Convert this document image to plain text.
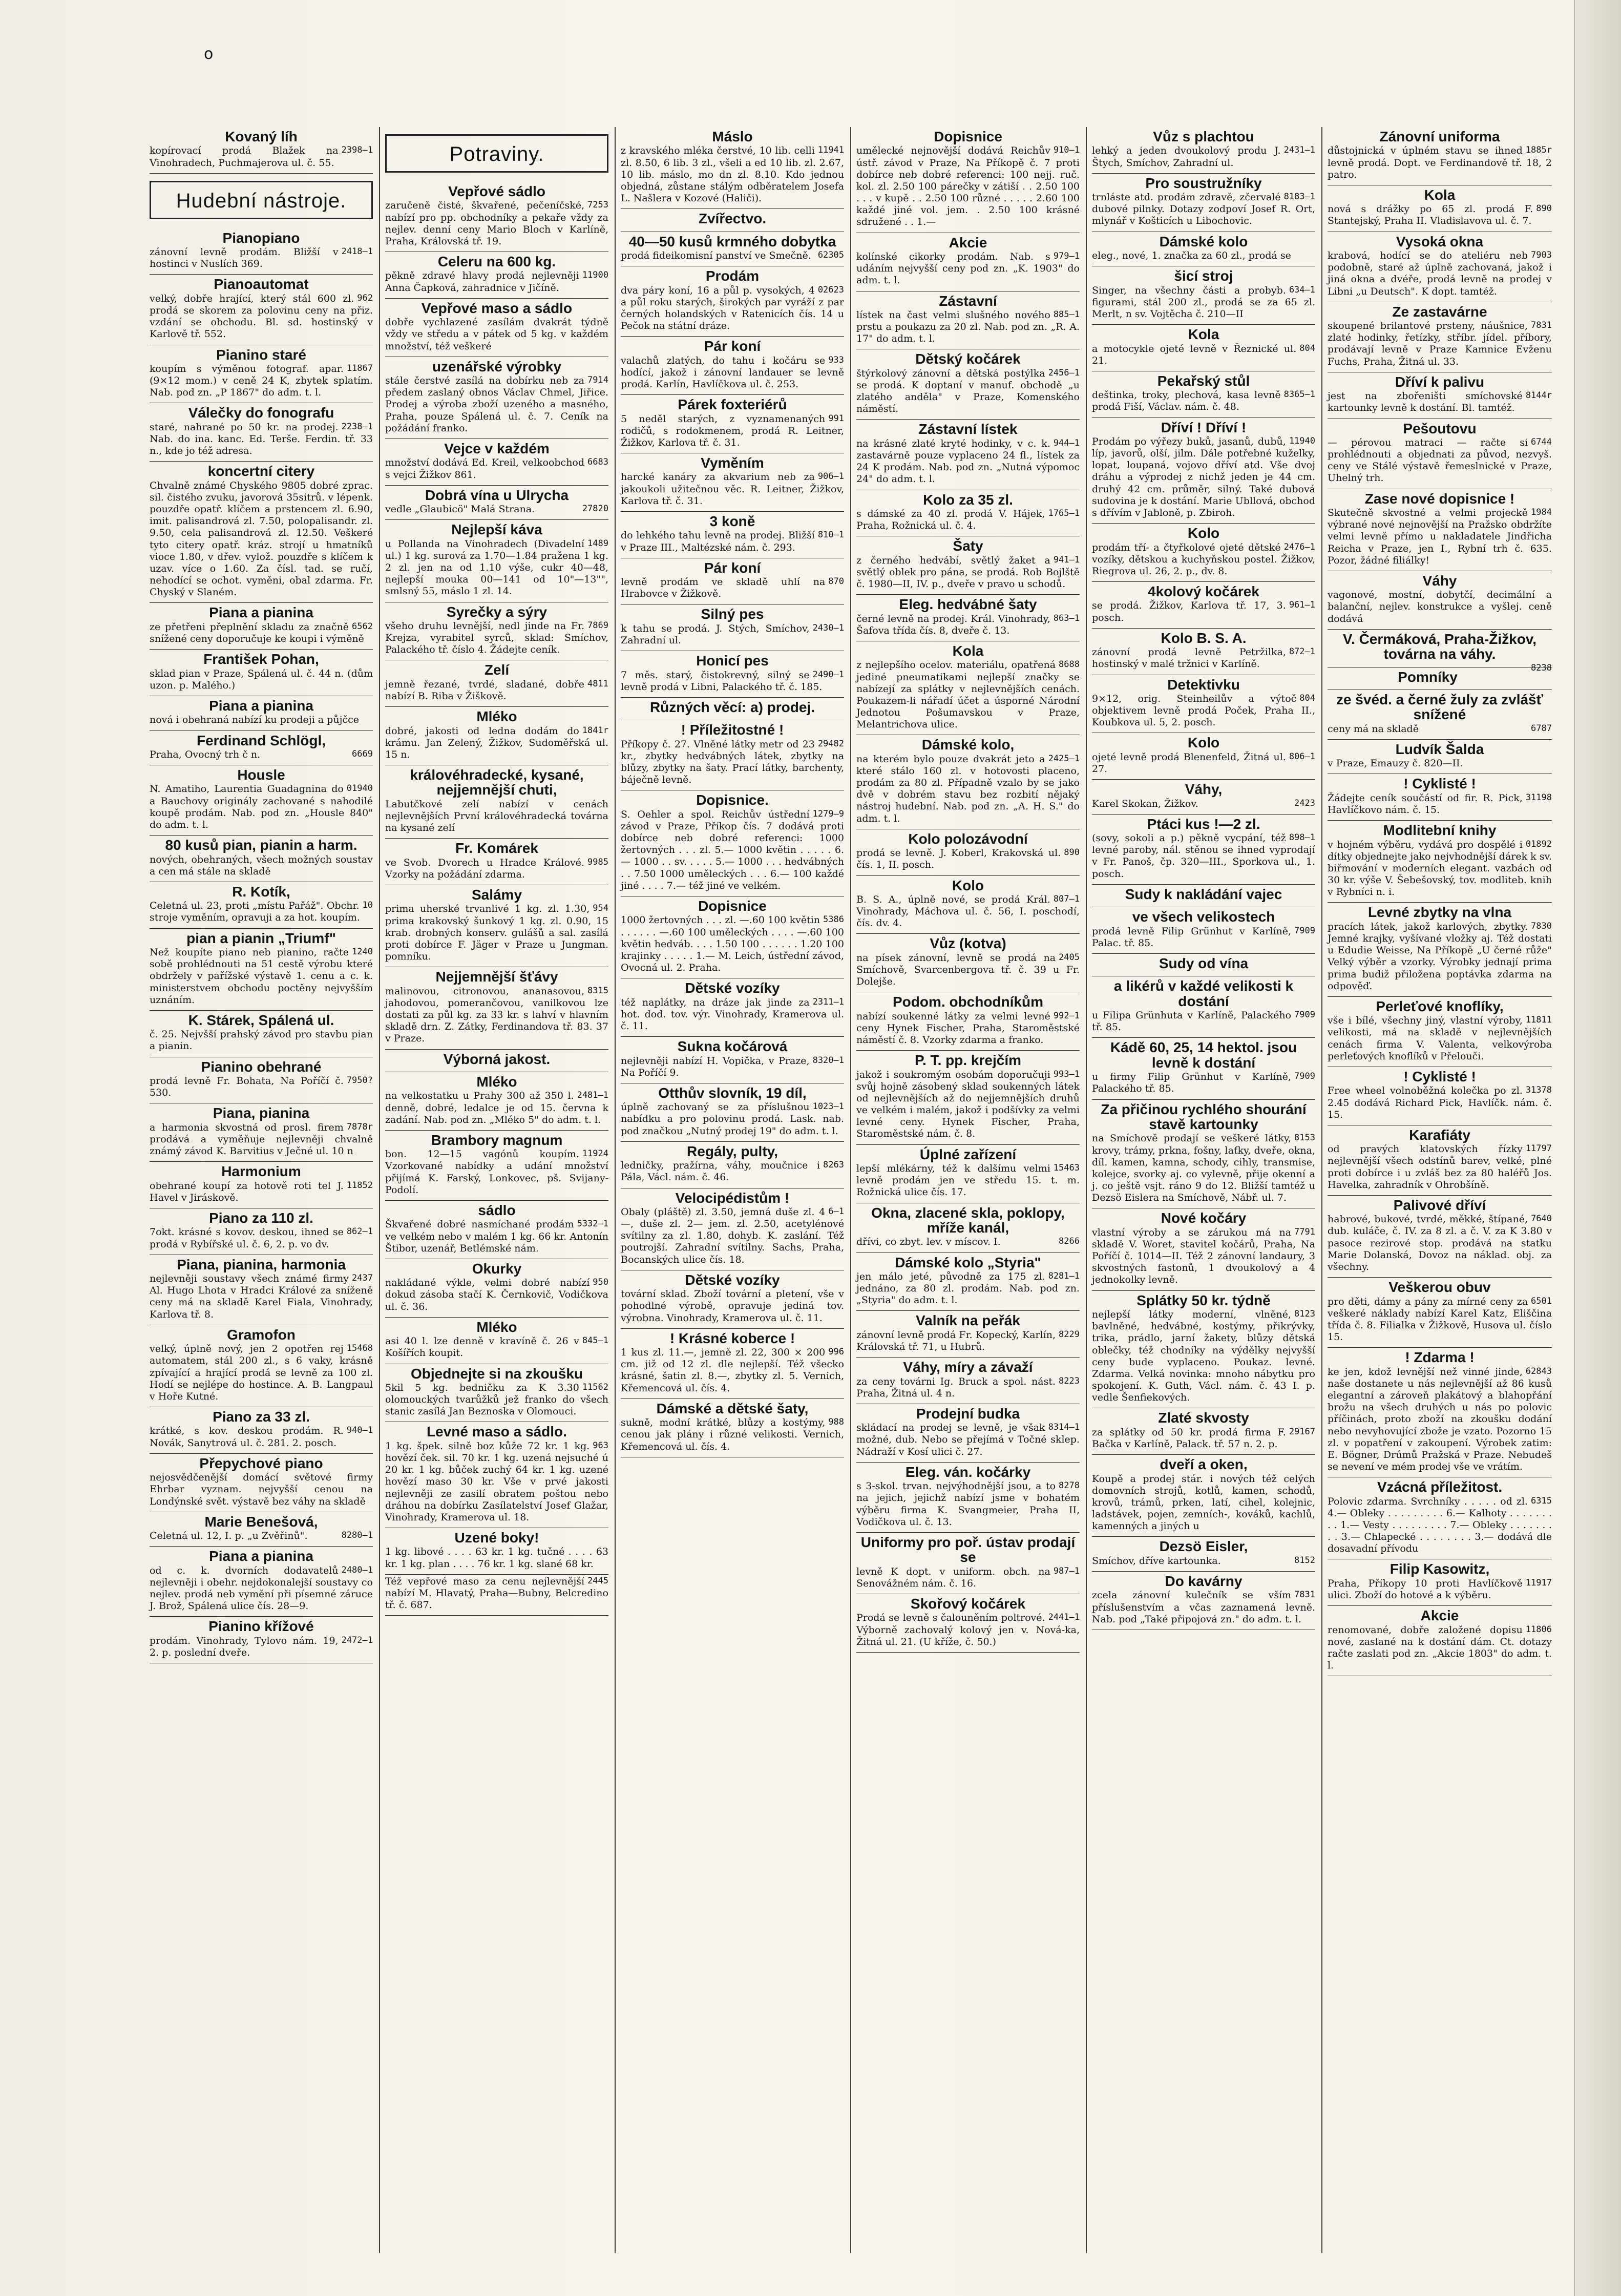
o
Kovaný líh
2398—1
kopírovací prodá Blažek na Vinohradech, Puchmajerova ul. č. 55.
Hudební nástroje.
Pianopiano
2418—1
zánovní levně prodám. Bližší v hostinci v Nuslích 369.
Pianoautomat
962
velký, dobře hrající, který stál 600 zl. prodá se skorem za polovinu ceny na přiz. vzdání se obchodu. Bl. sd. hostinský v Karlově tř. 552.
Pianino staré
11867
koupím s výměnou fotograf. apar. (9×12 mom.) v ceně 24 K, zbytek splatím. Nab. pod zn. „P 1867" do adm. t. l.
Válečky do fonografu
2238—1
staré, nahrané po 50 kr. na prodej. Nab. do ina. kanc. Ed. Terše. Ferdin. tř. 33 n., kde jo též adresa.
koncertní citery
Chvalně známé Chyského 9805 dobré zprac. sil. čistého zvuku, javorová 35sitrů. v lépenk. pouzdře opatř. klíčem a prstencem zl. 6.90, imit. palisandrová zl. 7.50, polopalisandr. zl. 9.50, cela palisandrová zl. 12.50. Veškeré tyto citery opatř. kráz. strojí u hmatníků vioce 1.80, v dřev. vylož. pouzdře s klíčem k uzav. více o 1.60. Za čísl. tad. se ručí, nehodící se ochot. vyměni, obal zdarma. Fr. Chyský v Slaném.
Piana a pianina
6562
ze přetřeni přeplnění skladu za značně snížené ceny doporučuje ke koupi i výměně
František Pohan,
sklad pian v Praze, Spálená ul. č. 44 n. (dům uzon. p. Malého.)
Piana a pianina
nová i obehraná nabízí ku prodeji a půjčce
Ferdinand Schlögl,
6669
Praha, Ovocný trh č n.
Housle
01940
N. Amatiho, Laurentia Guadagnina do a Bauchovy originály zachované s nahodilé koupě prodám. Nab. pod zn. „Housle 840" do adm. t. l.
80 kusů pian, pianin a harm.
nových, obehraných, všech možných soustav a cen má stále na skladě
R. Kotík,
10
Celetná ul. 23, proti „místu Pařáž". Obchr. stroje vyměním, opravuji a za hot. koupím.
pian a pianin „Triumf"
1240
Než koupíte piano neb pianino, račte sobě prohlédnouti na 51 cestě výrobu které obdržely v pařížské výstavě 1. cenu a c. k. ministerstvem obchodu poctěny nejvyšším uznáním.
K. Stárek, Spálená ul.
č. 25. Nejvšší prahský závod pro stavbu pian a pianin.
Pianino obehrané
7950?
prodá levně Fr. Bohata, Na Poříčí č. 530.
Piana, pianina
7878r
a harmonia skvostná od prosl. firem prodává a vyměňuje nejlevněji chvalně známý závod K. Barvitius v Ječné ul. 10 n
Harmonium
11852
obehrané koupí za hotově roti tel J. Havel v Jiráskově.
Piano za 110 zl.
862—1
7okt. krásné s kovov. deskou, ihned se prodá v Rybířské ul. č. 6, 2. p. vo dv.
Piana, pianina, harmonia
2437
nejlevněji soustavy všech známé firmy Al. Hugo Lhota v Hradci Králové za sníženě ceny má na skladě Karel Fiala, Vinohrady, Karlova tř. 8.
Gramofon
15468
velký, úplně nový, jen 2 opotřen rej automatem, stál 200 zl., s 6 vaky, krásně zpívající a hrající prodá se levně za 100 zl. Hodí se nejlépe do hostince. A. B. Langpaul v Hoře Kutné.
Piano za 33 zl.
940—1
krátké, s kov. deskou prodám. R. Novák, Sanytrová ul. č. 281. 2. posch.
Přepychové piano
nejosvědčenější domácí světové firmy Ehrbar vyznam. nejvyšší cenou na Londýnské svět. výstavě bez váhy na skladě
Marie Benešová,
8280—1
Celetná ul. 12, I. p. „u Zvěřinů".
Piana a pianina
2480—1
od c. k. dvorních dodavatelů nejlevněji i obehr. nejdokonalejší soustavy co nejlev. prodá neb vymění při písemné záruce J. Brož, Spálená ulice čís. 28—9.
Pianino křížové
2472—1
prodám. Vinohrady, Tylovo nám. 19, 2. p. poslední dveře.
Potraviny.
Vepřové sádlo
7253
zaručeně čisté, škvařené, pečeníčské, nabízí pro pp. obchodníky a pekaře vždy za nejlev. denní ceny Mario Bloch v Karlíně, Praha, Královská tř. 19.
Celeru na 600 kg.
11900
pěkně zdravé hlavy prodá nejlevněji Anna Čapková, zahradnice v Jičíně.
Vepřové maso a sádlo
dobře vychlazené zasílám dvakrát týdně vždy ve středu a v pátek od 5 kg. v každém množství, též veškeré
uzenářské výrobky
7914
stále čerstvé zasílá na dobírku neb za předem zaslaný obnos Václav Chmel, Jiřice. Prodej a výroba zboží uzeného a masného, Praha, pouze Spálená ul. č. 7. Ceník na požádání franko.
Vejce v každém
6683
množství dodává Ed. Kreil, velkoobchod s vejci Žižkov 861.
Dobrá vína u Ulrycha
27820
vedle „Glaubicö" Malá Strana.
Nejlepší káva
1489
u Pollanda na Vinohradech (Divadelní ul.) 1 kg. surová za 1.70—1.84 pražena 1 kg. 2 zl. jen na od 1.10 výše, cukr 40—48, nejlepší mouka 00—141 od 10"—13"", smlsný 55, máslo 1 zl. 14.
Syrečky a sýry
7869
všeho druhu levnější, nedl jinde na Fr. Krejza, vyrabitel syrců, sklad: Smíchov, Palackého tř. číslo 4. Žádejte ceník.
Zelí
4811
jemně řezané, tvrdé, sladané, dobře nabízí B. Riba v Žiškově.
Mléko
1841r
dobré, jakosti od ledna dodám do krámu. Jan Zelený, Žižkov, Sudoměřská ul. 15 n.
královéhradecké, kysané, nejjemnější chuti,
Labutčkové zelí nabízí v cenách nejlevnějších První královéhradecká továrna na kysané zelí
Fr. Komárek
9985
ve Svob. Dvorech u Hradce Králové. Vzorky na požádání zdarma.
Salámy
954
prima uherské trvanlivé 1 kg. zl. 1.30, prima krakovský šunkový 1 kg. zl. 0.90, 15 krab. drobných konserv. gulášů a sal. zasílá proti dobírce F. Jäger v Praze u Jungman. pomníku.
Nejjemnější šťávy
8315
malinovou, citronovou, ananasovou, jahodovou, pomerančovou, vanilkovou lze dostati za půl kg. za 33 kr. s lahví v hlavním skladě drn. Z. Zátky, Ferdinandova tř. 83. 37 v Praze.
Výborná jakost.
Mléko
2481—1
na velkostatku u Prahy 300 až 350 l. denně, dobré, ledalce je od 15. června k zadání. Nab. pod zn. „Mléko 5" do adm. t. l.
Brambory magnum
11924
bon. 12—15 vagónů koupím. Vzorkované nabídky a udání množství přijímá K. Farský, Lonkovec, pš. Svijany-Podolí.
sádlo
5332—1
Škvařené dobré nasmíchané prodám ve velkém nebo v malém 1 kg. 66 kr. Antonín Štibor, uzenář, Betlémské nám.
Okurky
950
nakládané výkle, velmi dobré nabízí dokud zásoba stačí K. Černkovič, Vodičkova ul. č. 36.
Mléko
845—1
asi 40 l. lze denně v kravíně č. 26 v Košířích koupit.
Objednejte si na zkoušku
11562
5kil 5 kg. bedničku za K 3.30 olomouckých tvarůžků jež franko do všech stanic zasílá Jan Beznoska v Olomouci.
Levné maso a sádlo.
963
1 kg. špek. silně boz kůže 72 kr. 1 kg. hovězí ček. sil. 70 kr. 1 kg. uzená nejsuché ú 20 kr. 1 kg. bůček zuchý 64 kr. 1 kg. uzené hovězí maso 30 kr. Vše v prvé jakosti nejlevněji ze zasilí obratem poštou nebo dráhou na dobírku Zasílatelství Josef Glažar, Vinohrady, Kramerova ul. 18.
Uzené boky!
1 kg. libové . . . . 63 kr. 1 kg. tučné . . . . 63 kr. 1 kg. plan . . . . 76 kr. 1 kg. slané 68 kr.
2445
Též vepřové maso za cenu nejlevnější nabízí M. Hlavatý, Praha—Bubny, Belcredino tř. č. 687.
Máslo
11941
z kravského mléka čerstvé, 10 lib. celli zl. 8.50, 6 lib. 3 zl., všeli a ed 10 lib. zl. 2.67, 10 lib. máslo, mo dn zl. 8.10. Kdo jednou objedná, zůstane stálým odběratelem Josefa L. Našlera v Kozové (Haliči).
Zvířectvo.
40—50 kusů krmného dobytka
62305
prodá fideikomisní panství ve Smečně.
Prodám
02623
dva páry koní, 16 a půl p. vysokých, 4 a půl roku starých, širokých par vyráží z par černých holandských v Ratenicích čís. 14 u Pečok na státní dráze.
Pár koní
933
valachů zlatých, do tahu i kočáru se hodící, jakož i zánovní landauer se levně prodá. Karlín, Havlíčkova ul. č. 253.
Párek foxteriérů
991
5 neděl starých, z vyznamenaných rodičů, s rodokmenem, prodá R. Leitner, Žižkov, Karlova tř. č. 31.
Vyměním
906—1
harcké kanáry za akvarium neb za jakoukoli užitečnou věc. R. Leitner, Žižkov, Karlova tř. č. 31.
3 koně
810—1
do lehkého tahu levně na prodej. Bližší v Praze III., Maltézské nám. č. 293.
Pár koní
870
levně prodám ve skladě uhlí na Hrabovce v Žižkově.
Silný pes
2430—1
k tahu se prodá. J. Stých, Smíchov, Zahradní ul.
Honicí pes
2490—1
7 měs. starý, čistokrevný, silný se levně prodá v Libni, Palackého tř. č. 185.
Různých věcí: a) prodej.
! Příležitostné !
29482
Příkopy č. 27. Vlněné látky metr od 23 kr., zbytky hedvábných látek, zbytky na blůzy, zbytky na šaty. Prací látky, barchenty, báječně levně.
Dopisnice.
1279—9
S. Oehler a spol. Reichův ústřední závod v Praze, Příkop čís. 7 dodává proti dobírce neb dobré referenci: 1000 žertovných . . . zl. 5.— 1000 květin . . . . . 6.— 1000 . . sv. . . . . 5.— 1000 . . . hedvábných . . 7.50 1000 uměleckých . . . 6.— 100 každé jiné . . . . 7.— též jiné ve velkém.
Dopisnice
5386
1000 žertovných . . . zl. —.60 100 květin . . . . . . —.60 100 uměleckých . . . . —.60 100 květin hedváb. . . . 1.50 100 . . . . . . 1.20 100 krajinky . . . . . 1.— M. Leich, ústřední závod, Ovocná ul. 2. Praha.
Dětské vozíky
2311—1
též naplátky, na dráze jak jinde za hot. dod. tov. výr. Vinohrady, Kramerova ul. č. 11.
Sukna kočárová
8320—1
nejlevněji nabízí H. Vopička, v Praze, Na Poříčí 9.
Otthův slovník, 19 díl,
1023—1
úplně zachovaný se za příslušnou nabídku a pro polovinu prodá. Lask. nab. pod značkou „Nutný prodej 19" do adm. t. l.
Regály, pulty,
8263
ledničky, pražírna, váhy, moučnice i Pála, Václ. nám. č. 46.
Velocipédistům !
6—1
Obaly (pláště) zl. 3.50, jemná duše zl. 4—, duše zl. 2— jem. zl. 2.50, acetylénové svítilny za zl. 1.80, dohyb. K. zaslání. Též poutrojší. Zahradní svítilny. Sachs, Praha, Bocanských ulice čís. 18.
Dětské vozíky
tovární sklad. Zboží tovární a pletení, vše v pohodlné výrobě, opravuje jediná tov. výrobna. Vinohrady, Kramerova ul. č. 11.
! Krásné koberce !
996
1 kus zl. 11.—, jemně zl. 22, 300 × 200 cm. již od 12 zl. dle nejlepší. Též všecko krásné, šatin zl. 8.—, zbytky zl. 5. Vernich, Křemencová ul. čís. 4.
Dámské a dětské šaty,
988
sukně, modní krátké, blůzy a kostýmy, cenou jak plány i různé velikosti. Vernich, Křemencová ul. čís. 4.
Dopisnice
910—1
umělecké nejnovější dodává Reichův ústř. závod v Praze, Na Příkopě č. 7 proti dobírce neb dobré referenci: 100 nejj. ruč. kol. zl. 2.50 100 párečky v zátiší . . 2.50 100 . . . v kupě . . 2.50 100 různé . . . . . 2.60 100 každé jiné vol. jem. . 2.50 100 krásné sdružené . . 1.—
Akcie
979—1
kolínské cikorky prodám. Nab. s udáním nejvyšší ceny pod zn. „K. 1903" do adm. t. l.
Zástavní
885—1
lístek na čast velmi slušného nového prstu a poukazu za 20 zl. Nab. pod zn. „R. A. 17" do adm. t. l.
Dětský kočárek
2456—1
štýrkolový zánovní a dětská postýlka se prodá. K doptaní v manuf. obchodě „u zlatého anděla" v Praze, Komenského náměstí.
Zástavní lístek
944—1
na krásné zlaté kryté hodinky, v c. k. zastavárně pouze vyplaceno 24 fl., lístek za 24 K prodám. Nab. pod zn. „Nutná výpomoc 24" do adm. t. l.
Kolo za 35 zl.
1765—1
s dámské za 40 zl. prodá V. Hájek, Praha, Rožnická ul. č. 4.
Šaty
941—1
z černého hedvábí, světlý žaket a světlý oblek pro pána, se prodá. Rob Bojlště č. 1980—II, IV. p., dveře v pravo u schodů.
Eleg. hedvábné šaty
863—1
černé levně na prodej. Král. Vinohrady, Šafova třída čís. 8, dveře č. 13.
Kola
8688
z nejlepšího ocelov. materiálu, opatřená jediné pneumatikami nejlepší značky se nabízejí za splátky v nejlevnějších cenách. Poukazem-li nářadí účet a úsporné Národní Jednotou Pošumavskou v Praze, Melantrichova ulice.
Dámské kolo,
2425—1
na kterém bylo pouze dvakrát jeto a které stálo 160 zl. v hotovosti placeno, prodám za 80 zl. Případně vzalo by se jako dvě v dobrém stavu bez rozbití nějaký nástroj hudební. Nab. pod zn. „A. H. S." do adm. t. l.
Kolo polozávodní
890
prodá se levně. J. Koberl, Krakovská ul. čís. 1, II. posch.
Kolo
807—1
B. S. A., úplně nové, se prodá Král. Vinohrady, Máchova ul. č. 56, I. poschodí, čís. dv. 4.
Vůz (kotva)
2405
na písek zánovní, levně se prodá na Smíchově, Svarcenbergova tř. č. 39 u Fr. Dolejše.
Podom. obchodníkům
992—1
nabízí soukenné látky za velmi levné ceny Hynek Fischer, Praha, Staroměstské náměstí č. 8. Vzorky zdarma a franko.
P. T. pp. krejčím
993—1
jakož i soukromým osobám doporučuji svůj hojně zásobený sklad soukenných látek od nejlevnějších až do nejjemnějších druhů ve velkém i malém, jakož i podšívky za velmi levné ceny. Hynek Fischer, Praha, Staroměstské nám. č. 8.
Úplné zařízení
15463
lepší mlékárny, též k dalšímu velmi levně prodám jen ve středu 15. t. m. Rožnická ulice čís. 17.
Okna, zlacené skla, poklopy, mříže kanál,
8266
dřívi, co zbyt. lev. v míscov. I.
Dámské kolo „Styria"
8281—1
jen málo jeté, původně za 175 zl. jednáno, za 80 zl. prodám. Nab. pod zn. „Styria" do adm. t. l.
Valník na peřák
8229
zánovní levně prodá Fr. Kopecký, Karlín, Královská tř. 71, u Hubrů.
Váhy, míry a závaží
8223
za ceny továrni Ig. Bruck a spol. nást. Praha, Žitná ul. 4 n.
Prodejní budka
8314—1
skládací na prodej se levně, je však možné, dub. Nebo se přejímá v Točné sklep. Nádraží v Kosí ulici č. 27.
Eleg. ván. kočárky
8278
s 3-skol. trvan. nejvýhodnější jsou, a to na jejich, jejichž nabízí jsme v bohatém výběru firma K. Svangmeier, Praha II, Vodičkova ul. č. 13.
Uniformy pro poř. ústav prodají se
987—1
levně K dopt. v uniform. obch. na Senovážném nám. č. 16.
Skořový kočárek
2441—1
Prodá se levně s čalouněním poltrové. Výborně zachovalý kolový jen v. Nová-ka, Žitná ul. 21. (U kříže, č. 50.)
Vůz s plachtou
2431—1
lehký a jeden dvoukolový produ J. Štych, Smíchov, Zahradní ul.
Pro soustružníky
8183—1
trnláste atd. prodám zdravě, zčervalé dubové pilnky. Dotazy zodpoví Josef R. Ort, mlynář v Košticích u Libochovic.
Dámské kolo
eleg., nové, 1. značka za 60 zl., prodá se
šicí stroj
634—1
Singer, na všechny části a probyb. figurami, stál 200 zl., prodá se za 65 zl. Merlt, n sv. Vojtěcha č. 210—II
Kola
804
a motocykle ojeté levně v Řeznické ul. 21.
Pekařský stůl
8365—1
deštinka, troky, plechová, kasa levně prodá Fiší, Václav. nám. č. 48.
Dříví ! Dříví !
11940
Prodám po výřezy buků, jasanů, dubů, líp, javorů, olší, jilm. Dále potřebné kuželky, lopat, loupaná, vojovo dříví atd. Vše dvoj dráhu a výprodej z nichž jeden je 44 cm. druhý 42 cm. průměr, silný. Také dubová sudovina je k dostání. Marie Ubllová, obchod s dřívím v Jabloně, p. Zbiroh.
Kolo
2476—1
prodám tří- a čtyřkolové ojeté dětské vozíky, dětskou a kuchyňskou postel. Žižkov, Riegrova ul. 26, 2. p., dv. 8.
4kolový kočárek
961—1
se prodá. Žižkov, Karlova tř. 17, 3. posch.
Kolo B. S. A.
872—1
zánovní prodá levně Petržilka, hostinský v malé tržnici v Karlíně.
Detektivku
804
9×12, orig. Steinheilův a výtoč objektivem levně prodá Poček, Praha II., Koubkova ul. 5, 2. posch.
Kolo
806—1
ojeté levně prodá Blenenfeld, Žitná ul. 27.
Váhy,
2423
Karel Skokan, Žižkov.
Ptáci kus !—2 zl.
898—1
(sovy, sokoli a p.) pěkně vycpání, též levné paroby, nál. stěnou se ihned vyprodají v Fr. Panoš, čp. 320—III., Sporkova ul., 1. posch.
Sudy k nakládání vajec
ve všech velikostech
7909
prodá levně Filip Grünhut v Karlíně, Palac. tř. 85.
Sudy od vína
a likérů v každé velikosti k dostání
7909
u Filipa Grünhuta v Karlíně, Palackého tř. 85.
Kádě 60, 25, 14 hektol. jsou levně k dostání
7909
u firmy Filip Grünhut v Karlíně, Palackého tř. 85.
Za přičinou rychlého shourání stavě kartounky
8153
na Smíchově prodají se veškeré látky, krovy, trámy, prkna, fošny, laťky, dveře, okna, díl. kamen, kamna, schody, cihly, transmise, kolejce, svorky aj. co vylevně, přije okenní a j. co ještě vsjt. ráno 9 do 12. Bližší tamtéž u Dezsö Eislera na Smíchově, Nábř. ul. 7.
Nové kočáry
7791
vlastní výroby a se zárukou má na skladě V. Woret, stavitel kočárů, Praha, Na Poříčí č. 1014—II. Též 2 zánovní landaury, 3 skvostných fastonů, 1 dvoukolový a 4 jednokolky levně.
Splátky 50 kr. týdně
8123
nejlepší látky moderní, vlněné, bavlněné, hedvábné, kostýmy, přikrývky, trika, prádlo, jarní žakety, blůzy dětská oblečky, též chodníky na výdělky nejvyšší ceny bude vyplaceno. Poukaz. levné. Zdarma. Velká novinka: mnoho nábytku pro spokojení. K. Guth, Václ. nám. č. 43 I. p. vedle Šenfiekových.
Zlaté skvosty
29167
za splátky od 50 kr. prodá firma F. Bačka v Karlíně, Palack. tř. 57 n. 2. p.
dveří a oken,
Koupě a prodej stár. i nových též celých domovních strojů, kotlů, kamen, schodů, krovů, trámů, prken, latí, cihel, kolejnic, ladstávek, pojen, zemních-, kováků, kachlů, kamenných a jiných u
Dezsö Eisler,
8152
Smíchov, dříve kartounka.
Do kavárny
7831
zcela zánovní kulečník se vším příslušenstvím a včas zaznamená levně. Nab. pod „Také připojová zn." do adm. t. l.
Zánovní uniforma
1885r
důstojnická v úplném stavu se ihned levně prodá. Dopt. ve Ferdinandově tř. 18, 2 patro.
Kola
890
nová s drážky po 65 zl. prodá F. Stantejský, Praha II. Vladislavova ul. č. 7.
Vysoká okna
7903
krabová, hodící se do ateliéru neb podobně, staré až úplně zachovaná, jakož i jiná okna a dvéře, prodá levně na prodej v Libni „u Deutsch". K dopt. tamtéž.
Ze zastavárne
7831
skoupené brilantové prsteny, náušnice, zlaté hodinky, řetízky, stříbr. jídel. příbory, prodávají levně v Praze Kamnice Evženu Fuchs, Praha, Žitná ul. 33.
Dříví k palivu
8144r
jest na zbořeništi smíchovské kartounky levně k dostání. Bl. tamtéž.
Pešoutovu
6744
— pérovou matraci — račte si prohlédnouti a objednati za původ, nezvyš. ceny ve Stálé výstavě řemeslnické v Praze, Uhelný trh.
Zase nové dopisnice !
1984
Skutečně skvostné a velmi projeckě výbrané nové nejnovější na Pražsko obdržíte velmi levně přímo u nakladatele Jindřicha Reicha v Praze, jen I., Rybní trh č. 635. Pozor, žádné filiálky!
Váhy
vagonové, mostní, dobytčí, decimální a balanční, nejlev. konstrukce a vyšlej. ceně dodává
V. Čermáková, Praha-Žižkov, továrna na váhy.
8238
Pomníky
ze švéd. a černé žuly za zvlášť snížené
6787
ceny má na skladě
Ludvík Šalda
v Praze, Emauzy č. 820—II.
! Cyklisté !
31198
Žádejte ceník součástí od fir. R. Pick, Havlíčkovo nám. č. 15.
Modlitební knihy
01892
v hojném výběru, vydává pro dospělé i dítky objednejte jako nejvhodnější dárek k sv. biřmování v moderních elegant. vazbách od 30 kr. výše V. Šebešovský, tov. modliteb. knih v Rybníci n. i.
Levné zbytky na vlna
7830
pracích látek, jakož karlových, zbytky. Jemné krajky, vyšívané vložky aj. Též dostati u Edudie Weisse, Na Příkopě „U černé růže" Velký výběr a vzorky. Výrobky jednají prima prima budiž přiložena poptávka zdarma na odpověď.
Perleťové knoflíky,
11811
vše i bílé, všechny jiný, vlastní výroby, velikosti, má na skladě v nejlevnějších cenách firma V. Valenta, velkovýroba perleťových knoflíků v Přelouči.
! Cyklisté !
31378
Free wheel volnoběžná kolečka po zl. 2.45 dodává Richard Pick, Havlíčk. nám. č. 15.
Karafiáty
11797
od pravých klatovských řízky nejlevnější všech odstínů barev, velké, plné proti dobírce i u zvláš bez za 80 haléřů Jos. Havelka, zahradník v Ohrobšíně.
Palivové dříví
7640
habrové, bukové, tvrdé, měkké, štípané, dub. kuláče, č. IV. za 8 zl. a č. V. za K 3.80 v pasoce rezirové stop. prodává na statku Marie Dolanská, Dovoz na náklad. obj. za všechny.
Veškerou obuv
6501
pro děti, dámy a pány za mírné ceny za veškeré náklady nabízí Karel Katz, Eliščina třída č. 8. Filialka v Žižkově, Husova ul. číslo 15.
! Zdarma !
62843
ke jen, kdož levnější než vinné jinde, naše dostanete u nás nejlevnější až 86 kusů elegantní a zároveň plakátový a blahopřání brožu na všech druhých u nás po polovic příčinách, proto zboží na zkoušku dodání nebo nevyhovující zbože je vzato. Pozorno 15 zl. v popatření v zakoupení. Výrobek zatim: E. Bögner, Drúmů Pražská v Praze. Nebudeš se nevení ve mém prodej vše ve vrátím.
Vzácná příležitost.
6315
Polovic zdarma. Svrchníky . . . . . od zl. 4.— Obleky . . . . . . . . . 6.— Kalhoty . . . . . . . . . 1.— Vesty . . . . . . . . . 7.— Obleky . . . . . . . . . 3.— Chlapecké . . . . . . . . 3.— dodává dle dosavadní přívodu
Filip Kasowitz,
11917
Praha, Příkopy 10 proti Havlíčkově ulici. Zboží do hotové a k výběru.
Akcie
11806
renomované, dobře založené dopisu nové, zaslané na k dostání dám. Ct. dotazy račte zaslati pod zn. „Akcie 1803" do adm. t. l.
